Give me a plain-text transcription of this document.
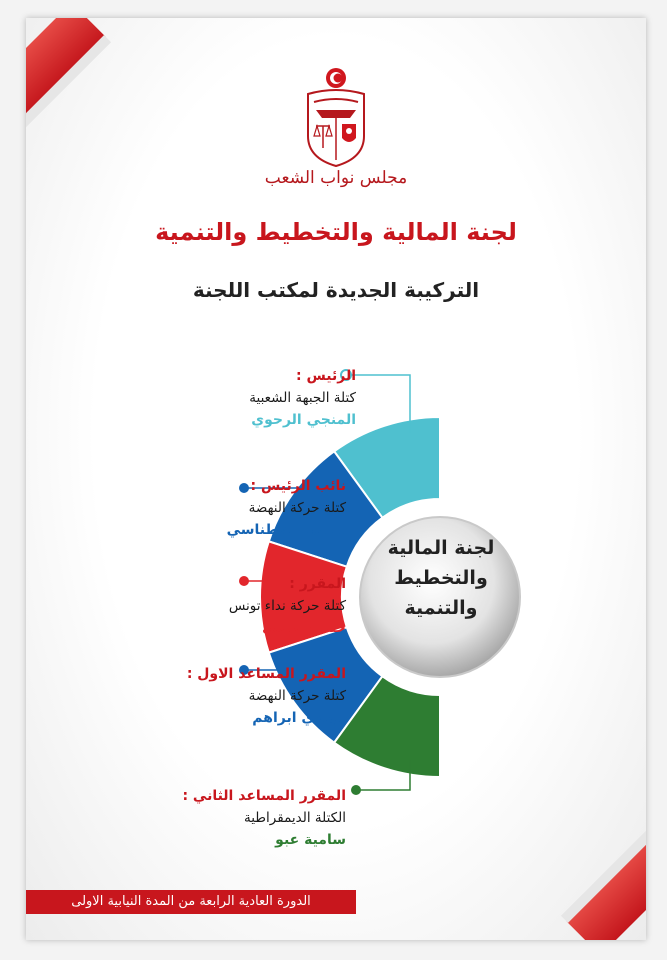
مجلس نواب الشعب
لجنة المالية والتخطيط والتنمية
التركيبة الجديدة لمكتب اللجنة
لجنة المالية
والتخطيط
والتنمية
الرئيس :
كتلة الجبهة الشعبية
المنجي الرحوي
نائب الرئيس :
كتلة حركة النهضة
سامي الفطناسي
المقرر :
كتلة حركة نداء تونس
حسام بونني
المقرر المساعد الاول :
كتلة حركة النهضة
الهادي ابراهم
المقرر المساعد الثاني :
الكتلة الديمقراطية
سامية عبو
الدورة العادية الرابعة من المدة النيابية الاولى
